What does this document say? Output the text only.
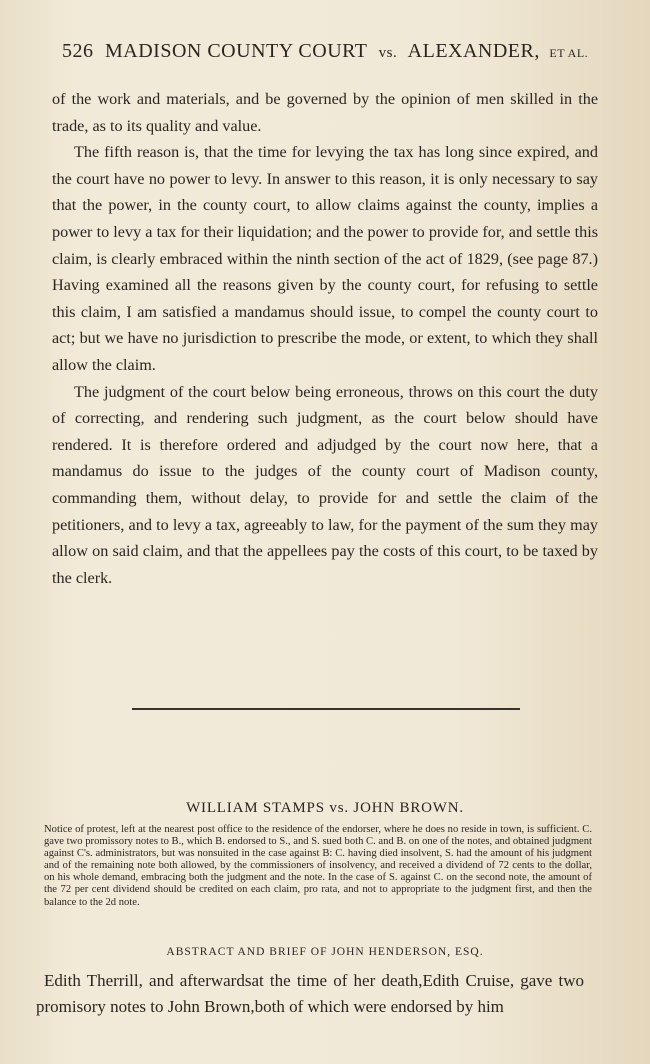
526 MADISON COUNTY COURT vs. ALEXANDER, ET AL.

of the work and materials, and be governed by the opinion of men skilled in the trade, as to its quality and value.

The fifth reason is, that the time for levying the tax has long since expired, and the court have no power to levy. In answer to this reason, it is only necessary to say that the power, in the county court, to allow claims against the county, implies a power to levy a tax for their liquidation; and the power to provide for, and settle this claim, is clearly embraced within the ninth section of the act of 1829, (see page 87.) Having examined all the reasons given by the county court, for refusing to settle this claim, I am satisfied a mandamus should issue, to compel the county court to act; but we have no jurisdiction to prescribe the mode, or extent, to which they shall allow the claim.

The judgment of the court below being erroneous, throws on this court the duty of correcting, and rendering such judgment, as the court below should have rendered. It is therefore ordered and adjudged by the court now here, that a mandamus do issue to the judges of the county court of Madison county, commanding them, without delay, to provide for and settle the claim of the petitioners, and to levy a tax, agreeably to law, for the payment of the sum they may allow on said claim, and that the appellees pay the costs of this court, to be taxed by the clerk.

WILLIAM STAMPS vs. JOHN BROWN.

Notice of protest, left at the nearest post office to the residence of the endorser, where he does no reside in town, is sufficient. C. gave two promissory notes to B., which B. endorsed to S., and S. sued both C. and B. on one of the notes, and obtained judgment against C's. administrators, but was nonsuited in the case against B: C. having died insolvent, S. had the amount of his judgment and of the remaining note both allowed, by the commissioners of insolvency, and received a dividend of 72 cents to the dollar, on his whole demand, embracing both the judgment and the note. In the case of S. against C. on the second note, the amount of the 72 per cent dividend should be credited on each claim, pro rata, and not to appropriate to the judgment first, and then the balance to the 2d note.

ABSTRACT AND BRIEF OF JOHN HENDERSON, ESQ.

Edith Therrill, and afterwardsat the time of her death,Edith Cruise, gave two promisory notes to John Brown,both of which were endorsed by him
